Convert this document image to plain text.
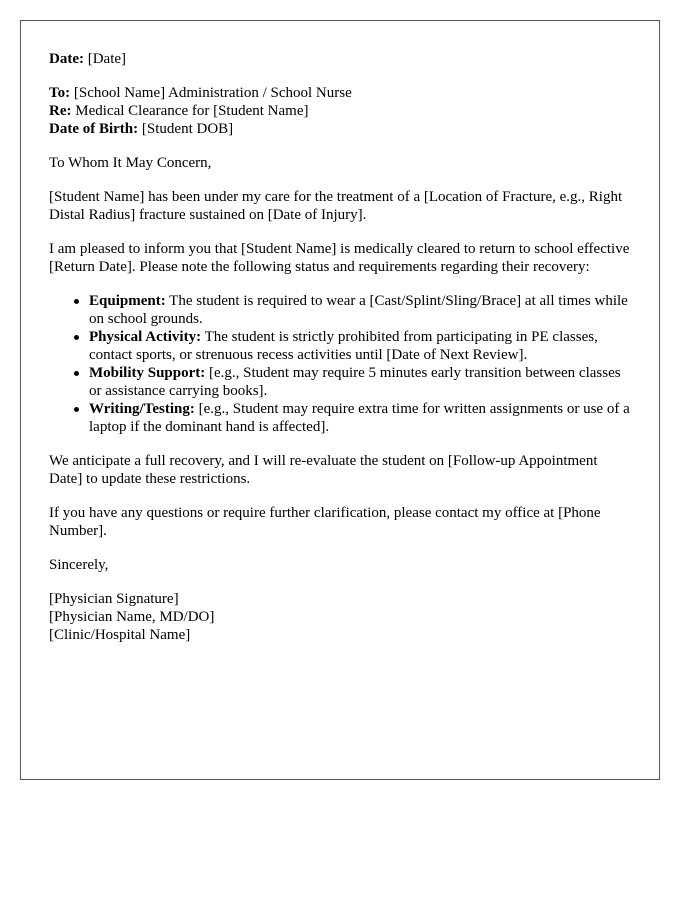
Date: [Date]

To: [School Name] Administration / School Nurse

Re: Medical Clearance for [Student Name]

Date of Birth: [Student DOB]

To Whom It May Concern,

[Student Name] has been under my care for the treatment of a [Location of Fracture, e.g., Right Distal Radius] fracture sustained on [Date of Injury].

I am pleased to inform you that [Student Name] is medically cleared to return to school effective [Return Date]. Please note the following status and requirements regarding their recovery:

Equipment: The student is required to wear a [Cast/Splint/Sling/Brace] at all times while on school grounds.
Physical Activity: The student is strictly prohibited from participating in PE classes, contact sports, or strenuous recess activities until [Date of Next Review].
Mobility Support: [e.g., Student may require 5 minutes early transition between classes or assistance carrying books].
Writing/Testing: [e.g., Student may require extra time for written assignments or use of a laptop if the dominant hand is affected].

We anticipate a full recovery, and I will re-evaluate the student on [Follow-up Appointment Date] to update these restrictions.

If you have any questions or require further clarification, please contact my office at [Phone Number].

Sincerely,

[Physician Signature]
[Physician Name, MD/DO]
[Clinic/Hospital Name]
